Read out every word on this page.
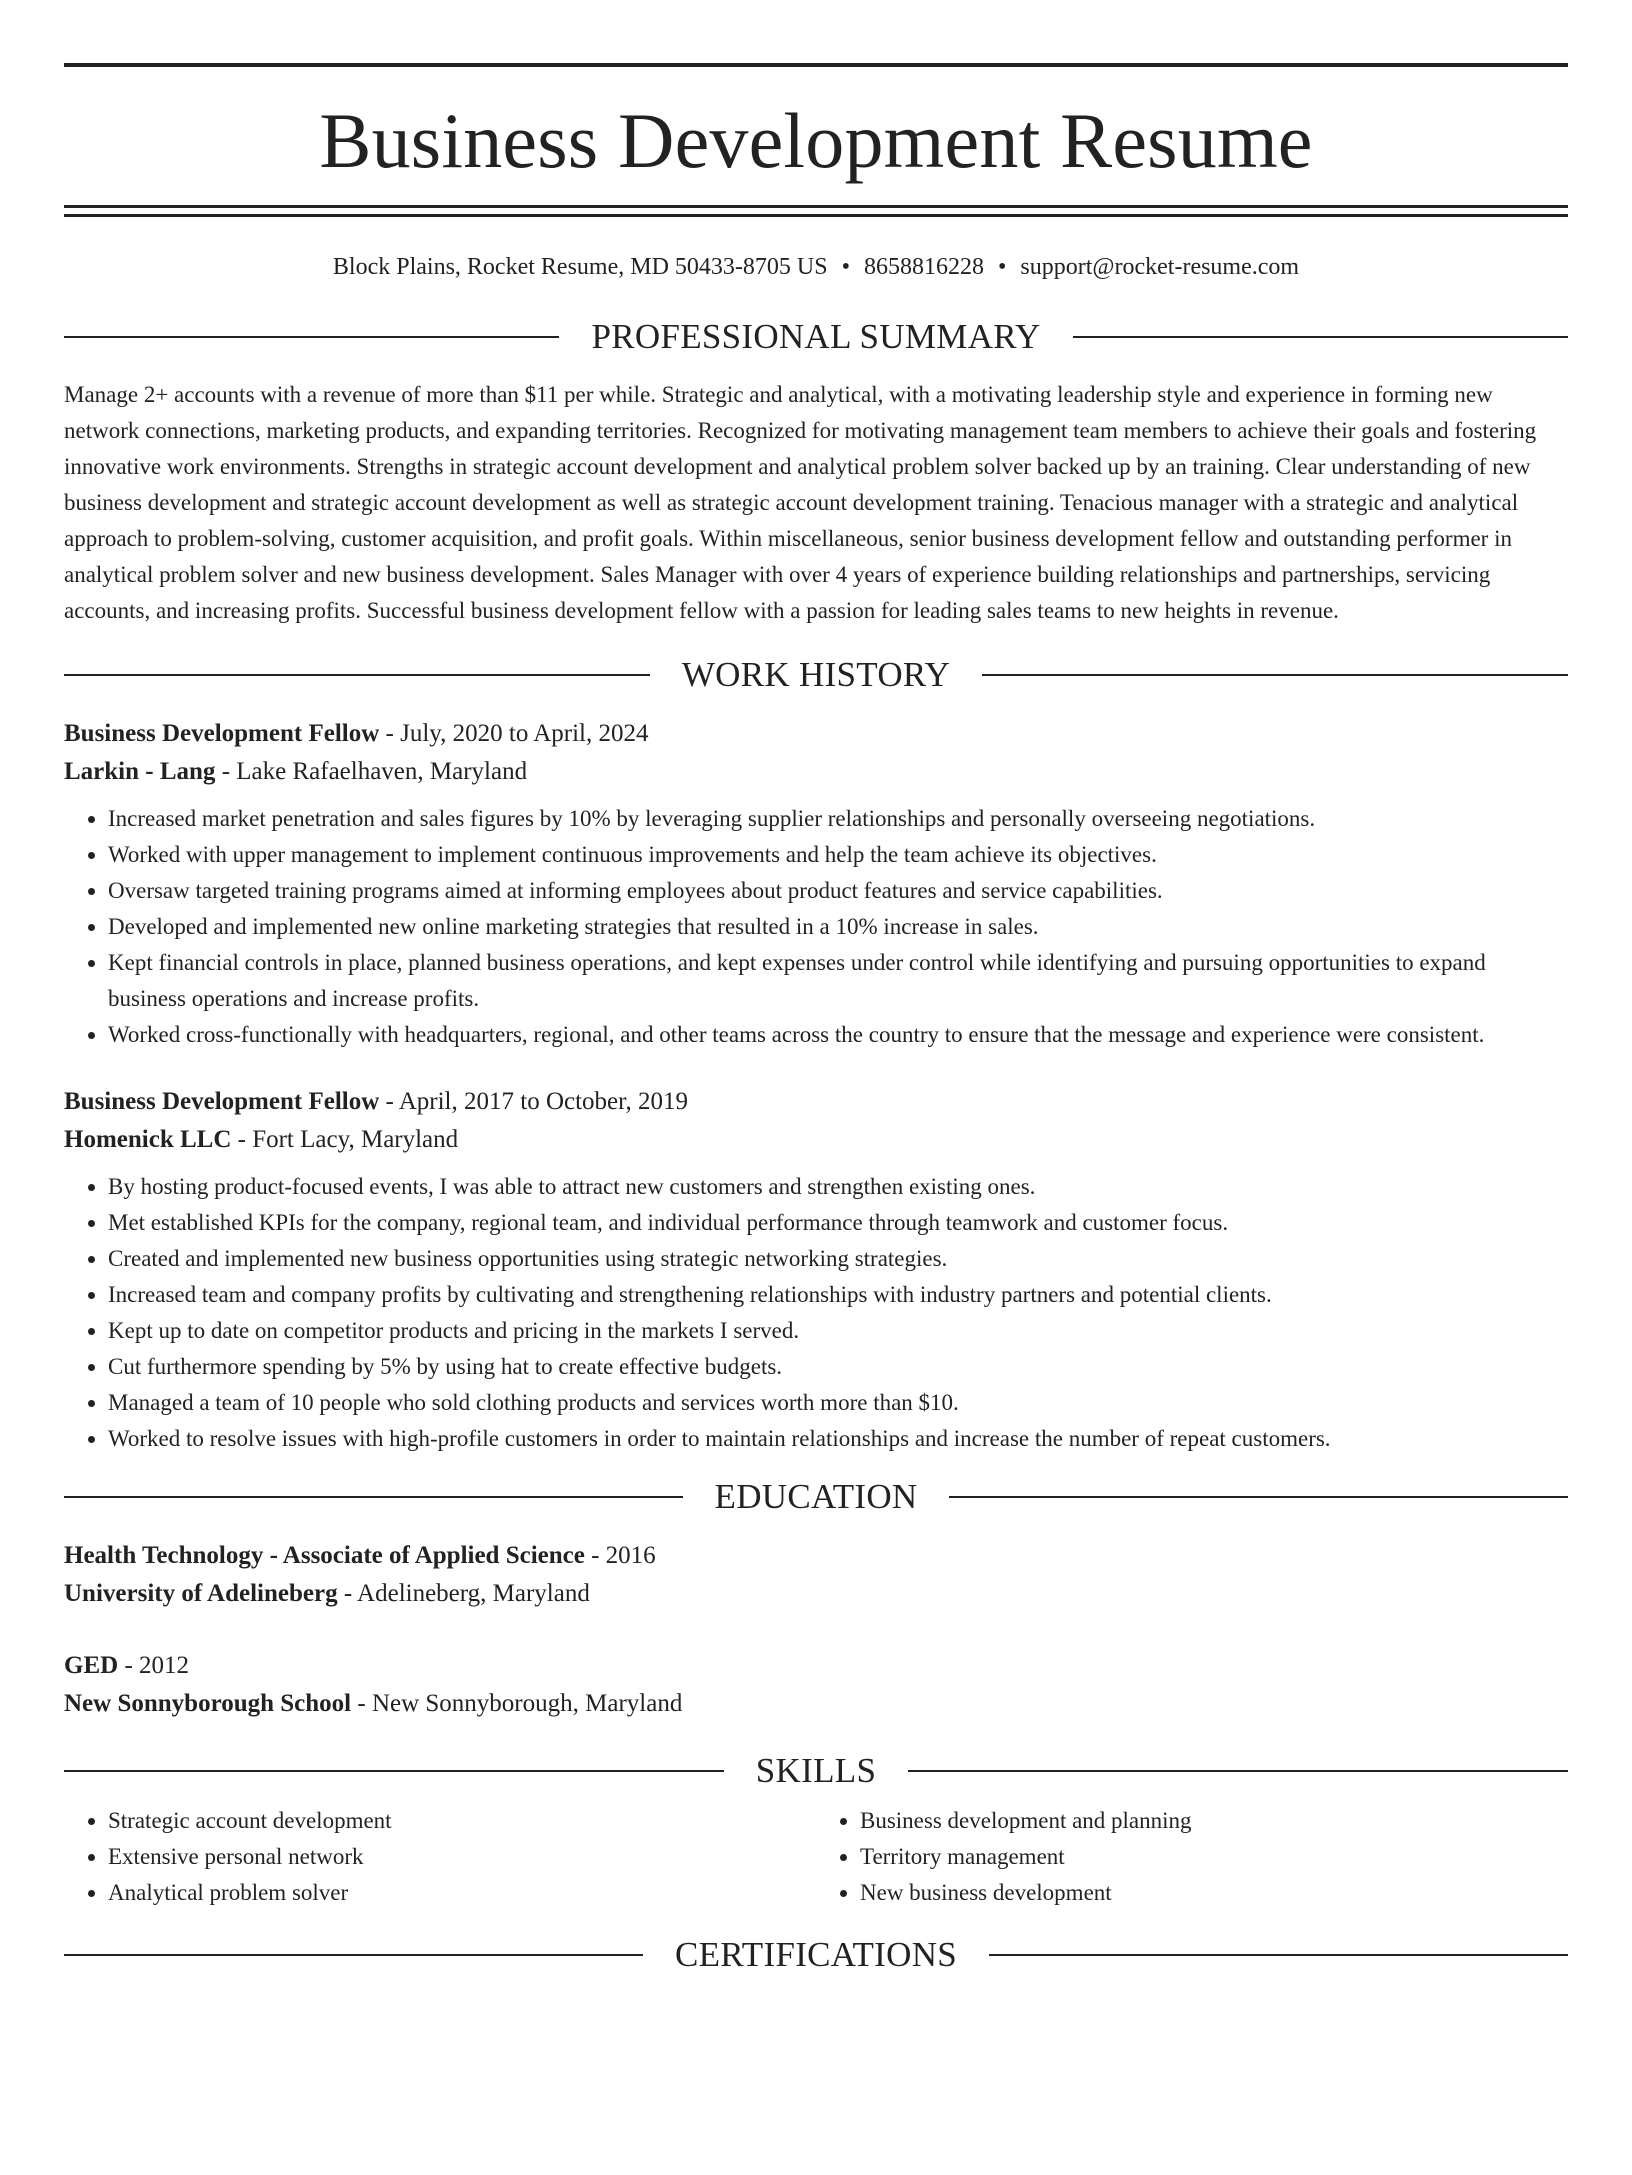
Business Development Resume
Block Plains, Rocket Resume, MD 50433-8705 US • 8658816228 • support@rocket-resume.com
PROFESSIONAL SUMMARY
Manage 2+ accounts with a revenue of more than $11 per while. Strategic and analytical, with a motivating leadership style and experience in forming new network connections, marketing products, and expanding territories. Recognized for motivating management team members to achieve their goals and fostering innovative work environments. Strengths in strategic account development and analytical problem solver backed up by an training. Clear understanding of new business development and strategic account development as well as strategic account development training. Tenacious manager with a strategic and analytical approach to problem-solving, customer acquisition, and profit goals. Within miscellaneous, senior business development fellow and outstanding performer in analytical problem solver and new business development. Sales Manager with over 4 years of experience building relationships and partnerships, servicing accounts, and increasing profits. Successful business development fellow with a passion for leading sales teams to new heights in revenue.
WORK HISTORY
Business Development Fellow - July, 2020 to April, 2024
Larkin - Lang - Lake Rafaelhaven, Maryland
• Increased market penetration and sales figures by 10% by leveraging supplier relationships and personally overseeing negotiations.
• Worked with upper management to implement continuous improvements and help the team achieve its objectives.
• Oversaw targeted training programs aimed at informing employees about product features and service capabilities.
• Developed and implemented new online marketing strategies that resulted in a 10% increase in sales.
• Kept financial controls in place, planned business operations, and kept expenses under control while identifying and pursuing opportunities to expand business operations and increase profits.
• Worked cross-functionally with headquarters, regional, and other teams across the country to ensure that the message and experience were consistent.
Business Development Fellow - April, 2017 to October, 2019
Homenick LLC - Fort Lacy, Maryland
• By hosting product-focused events, I was able to attract new customers and strengthen existing ones.
• Met established KPIs for the company, regional team, and individual performance through teamwork and customer focus.
• Created and implemented new business opportunities using strategic networking strategies.
• Increased team and company profits by cultivating and strengthening relationships with industry partners and potential clients.
• Kept up to date on competitor products and pricing in the markets I served.
• Cut furthermore spending by 5% by using hat to create effective budgets.
• Managed a team of 10 people who sold clothing products and services worth more than $10.
• Worked to resolve issues with high-profile customers in order to maintain relationships and increase the number of repeat customers.
EDUCATION
Health Technology - Associate of Applied Science - 2016
University of Adelineberg - Adelineberg, Maryland
GED - 2012
New Sonnyborough School - New Sonnyborough, Maryland
SKILLS
• Strategic account development
• Extensive personal network
• Analytical problem solver
• Business development and planning
• Territory management
• New business development
CERTIFICATIONS
